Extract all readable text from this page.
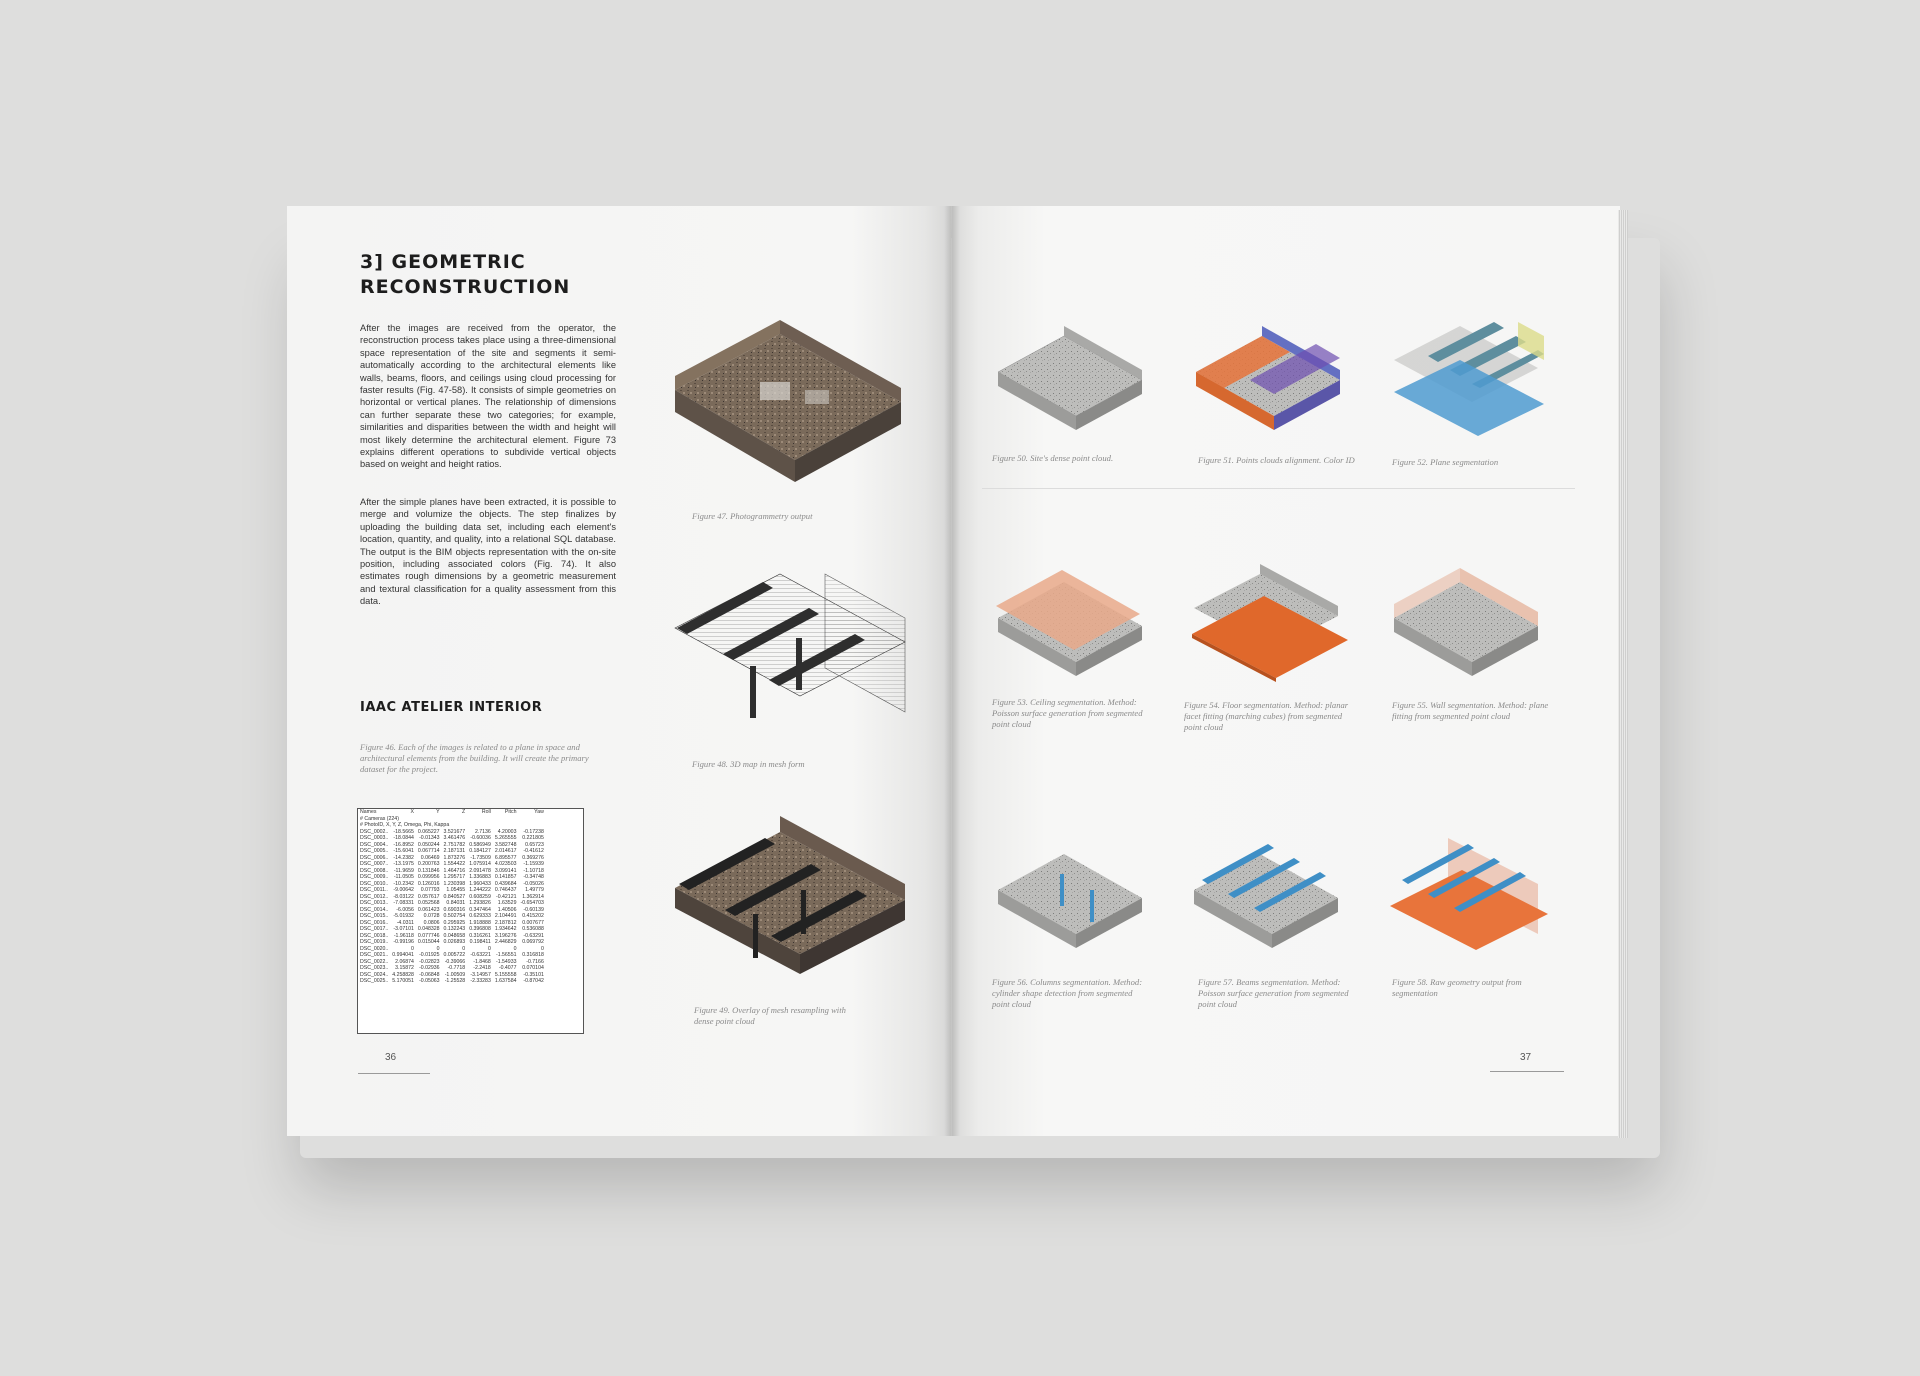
3] GEOMETRIC
RECONSTRUCTION

After the images are received from the operator, the reconstruction process takes place using a three-dimensional space representation of the site and segments it semi-automatically according to the architectural elements like walls, beams, floors, and ceilings using cloud processing for faster results (Fig. 47-58). It consists of simple geometries on horizontal or vertical planes. The relationship of dimensions can further separate these two categories; for example, similarities and disparities between the width and height will most likely determine the architectural element. Figure 73 explains different operations to subdivide vertical objects based on weight and height ratios.

After the simple planes have been extracted, it is possible to merge and volumize the objects. The step finalizes by uploading the building data set, including each element's location, quantity, and quality, into a relational SQL database. The output is the BIM objects representation with the on-site position, including associated colors (Fig. 74). It also estimates rough dimensions by a geometric measurement and textural classification for a quality assessment from this data.

IAAC ATELIER INTERIOR

Figure 46. Each of the images is related to a plane in space and architectural elements from the building. It will create the primary dataset for the project.

Names	X	Y	Z	Roll	Pitch	Yaw
# Cameras (224)						
# PhotoID, X, Y, Z, Omega, Phi, Kappa						
DSC_0002..	-18.5665	0.065227	3.521677	2.7136	4.20003	-0.17238
DSC_0003..	-18.0844	-0.01343	3.461476	-0.60036	5.265555	0.221805
DSC_0004..	-16.8952	0.050244	2.751782	0.586949	3.582748	0.65723
DSC_0005..	-15.6041	0.067714	2.187131	0.184127	2.014617	-0.41612
DSC_0006..	-14.2382	0.06469	1.873276	-1.73509	6.895577	0.369276
DSC_0007..	-13.1975	0.200763	1.554422	1.075914	4.023503	-1.15939
DSC_0008..	-11.9659	0.131846	1.464716	2.091478	3.099141	-1.10718
DSC_0009..	-11.0505	0.099956	1.295717	1.336883	0.141857	-0.34748
DSC_0010..	-10.2342	0.126016	1.230398	1.960433	0.439684	-0.05026
DSC_0011..	-9.00642	0.07793	1.05455	1.244222	0.746437	1.49779
DSC_0012..	-8.03122	0.057617	0.840527	0.608259	-0.42121	1.362914
DSC_0013..	-7.08331	0.052568	0.84031	1.293826	1.63529	-0.654703
DSC_0014..	-6.0056	0.061423	0.690316	0.347464	1.40506	-0.60139
DSC_0015..	-5.01932	0.0728	0.502754	0.629333	2.104491	0.415202
DSC_0016..	-4.0311	0.0806	0.295925	1.918888	2.187812	0.007677
DSC_0017..	-3.07101	0.048328	0.132243	0.396808	1.934642	0.536088
DSC_0018..	-1.96118	0.077746	0.048658	0.316261	3.196276	-0.63291
DSC_0019..	-0.99196	0.015044	0.026893	0.198411	2.446829	0.069792
DSC_0020..	0	0	0	0	0	0
DSC_0021..	0.994041	-0.01925	0.005722	-0.63221	-1.56551	0.316818
DSC_0022..	2.06874	-0.02823	-0.39066	-1.8468	-1.54933	-0.7166
DSC_0023..	3.15872	-0.02936	-0.7718	-2.2418	-0.4077	0.070104
DSC_0024..	4.258828	-0.06848	-1.00509	-3.14957	5.155558	-0.35101
DSC_0025..	5.170051	-0.05063	-1.25528	-2.33283	1.637584	-0.87042
36

Figure 47. Photogrammetry output

Figure 48. 3D map in mesh form

Figure 49. Overlay of mesh resampling with dense point cloud

Figure 50. Site's dense point cloud.	Figure 51. Points clouds alignment. Color ID	Figure 52. Plane segmentation

Figure 53. Ceiling segmentation. Method: Poisson surface generation from segmented point cloud

Figure 54. Floor segmentation. Method: planar facet fitting (marching cubes) from segmented point cloud

Figure 55. Wall segmentation. Method: plane fitting from segmented point cloud

Figure 56. Columns segmentation. Method: cylinder shape detection from segmented point cloud

Figure 57. Beams segmentation. Method: Poisson surface generation from segmented point cloud

Figure 58. Raw geometry output from segmentation

37
